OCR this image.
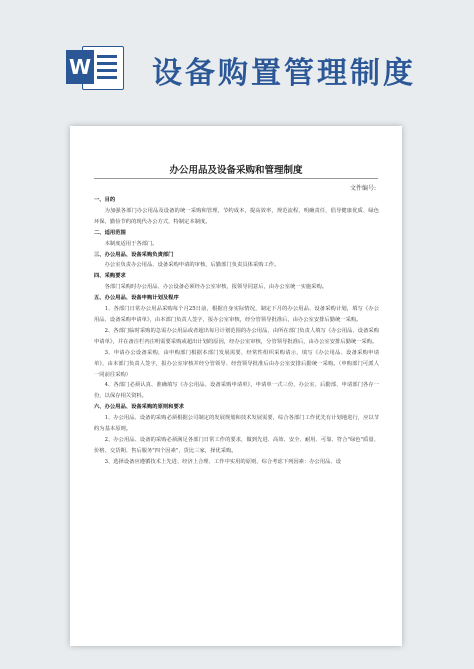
W 设备购置管理制度
办公用品及设备采购和管理制度
文件编号:

一、目的

为加强各部门办公用品及设备的统一采购和管理，节约成本，提高效率，规范流程，明确责任，倡导健康优质、绿色环保、勤俭节约的现代办公方式，特制定本制度。

二、适用范围

本制度适用于各部门。

三、办公用品、设备采购负责部门

办公室负责办公用品、设备采购申请的审核，后勤部门负责具体采购工作。

四、采购要求

各部门采购时办公用品、办公设备必须经办公室审核，报领导同意后，由办公室统一实施采购。

五、办公用品、设备申购计划及程序

1、各部门日常办公用品采购每个月25日前，根据自身实际情况，制定下月的办公用品、设备采购计划，填写《办公用品、设备采购申请单》，由本部门负责人签字，报办公室审核，经分管领导批准后，由办公室安排后勤统一采购。

2、各部门临时采购的急需办公用品或者超出每月计划范围的办公用品，由所在部门负责人填写《办公用品、设备采购申请单》，并在备注栏内注明需要采购或超出计划的原因，经办公室审核，分管领导批准后，由办公室安排后勤统一采购。

3、申请办公设备采购，由申购部门根据本部门发展需要，经常性组织采购请示，填写《办公用品、设备采购申请单》，由本部门负责人签字，报办公室审核并经分管领导、经营领导批准后由办公室安排后勤统一采购。（申购部门可派人一同前往采购）

4、各部门必须认真、准确填写《办公用品、设备采购申请单》，申请单一式三份，办公室、后勤部、申请部门各存一份，以保存相关资料。

六、办公用品、设备采购的原则和要求

1、办公用品、设备的采购必须根据公司制定的发展规划和技术发展需要，综合各部门工作优先有计划地进行，应以节约为基本原则。

2、办公用品、设备的采购必须满足各部门日常工作的要求，做到先进、高效、安全、耐用、可靠、符合"绿色"质量、价格、交货期、售后服务"四个因素"，货比三家，择优采购。

3、选择设备应遵循技术上先进、经济上合理、工作中实用的原则，综合考虑下列因素：办公用品、设
